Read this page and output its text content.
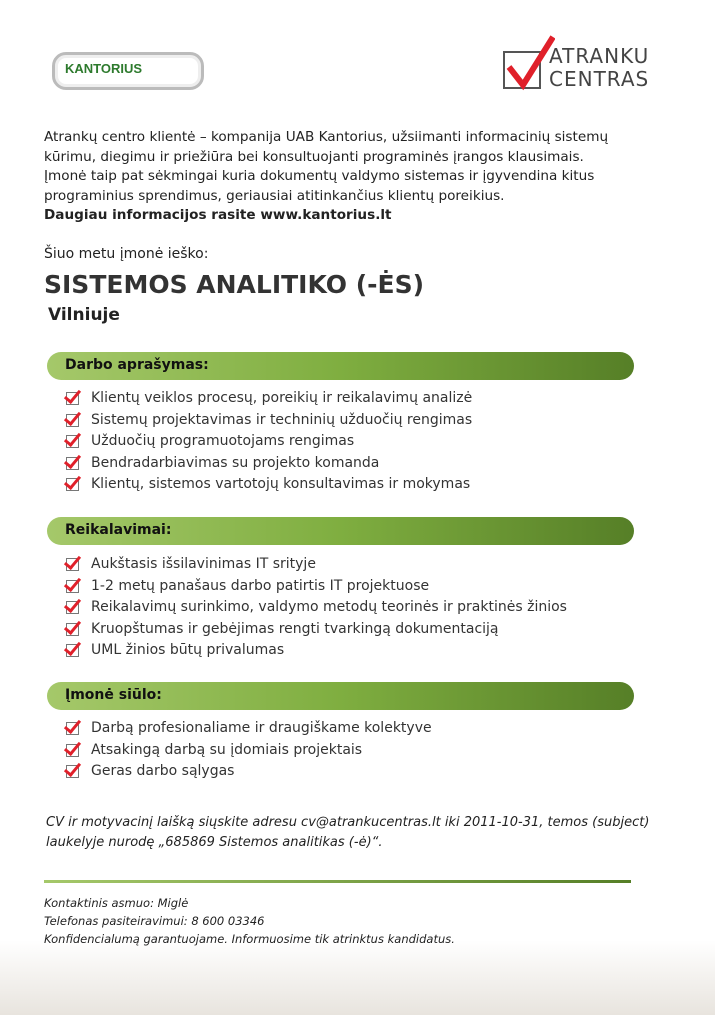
KANTORIUS
ATRANKU
CENTRAS
Atrankų centro klientė – kompanija UAB Kantorius, užsiimanti informacinių sistemų
kūrimu, diegimu ir priežiūra bei konsultuojanti programinės įrangos klausimais.
Įmonė taip pat sėkmingai kuria dokumentų valdymo sistemas ir įgyvendina kitus
programinius sprendimus, geriausiai atitinkančius klientų poreikius.
Daugiau informacijos rasite www.kantorius.lt
Šiuo metu įmonė ieško:
SISTEMOS ANALITIKO (-ĖS)
Vilniuje
Darbo aprašymas:
Klientų veiklos procesų, poreikių ir reikalavimų analizė
Sistemų projektavimas ir techninių užduočių rengimas
Užduočių programuotojams rengimas
Bendradarbiavimas su projekto komanda
Klientų, sistemos vartotojų konsultavimas ir mokymas
Reikalavimai:
Aukštasis išsilavinimas IT srityje
1-2 metų panašaus darbo patirtis IT projektuose
Reikalavimų surinkimo, valdymo metodų teorinės ir praktinės žinios
Kruopštumas ir gebėjimas rengti tvarkingą dokumentaciją
UML žinios būtų privalumas
Įmonė siūlo:
Darbą profesionaliame ir draugiškame kolektyve
Atsakingą darbą su įdomiais projektais
Geras darbo sąlygas
CV ir motyvacinį laišką siųskite adresu cv@atrankucentras.lt iki 2011-10-31, temos (subject)
laukelyje nurodę „685869 Sistemos analitikas (-ė)“.
Kontaktinis asmuo: Miglė
Telefonas pasiteiravimui: 8 600 03346
Konfidencialumą garantuojame. Informuosime tik atrinktus kandidatus.
